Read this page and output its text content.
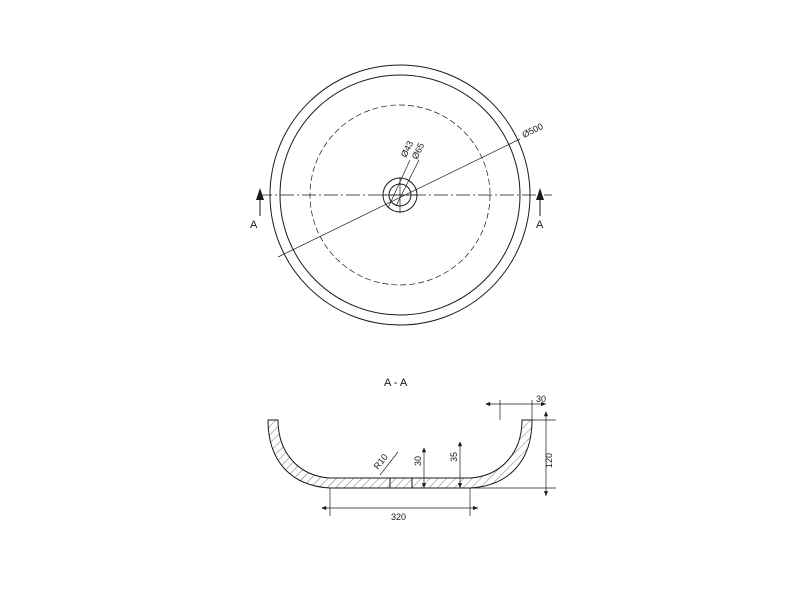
Ø500
Ø43
Ø65
A	A
A - A
30
120
35
30
R10
320
